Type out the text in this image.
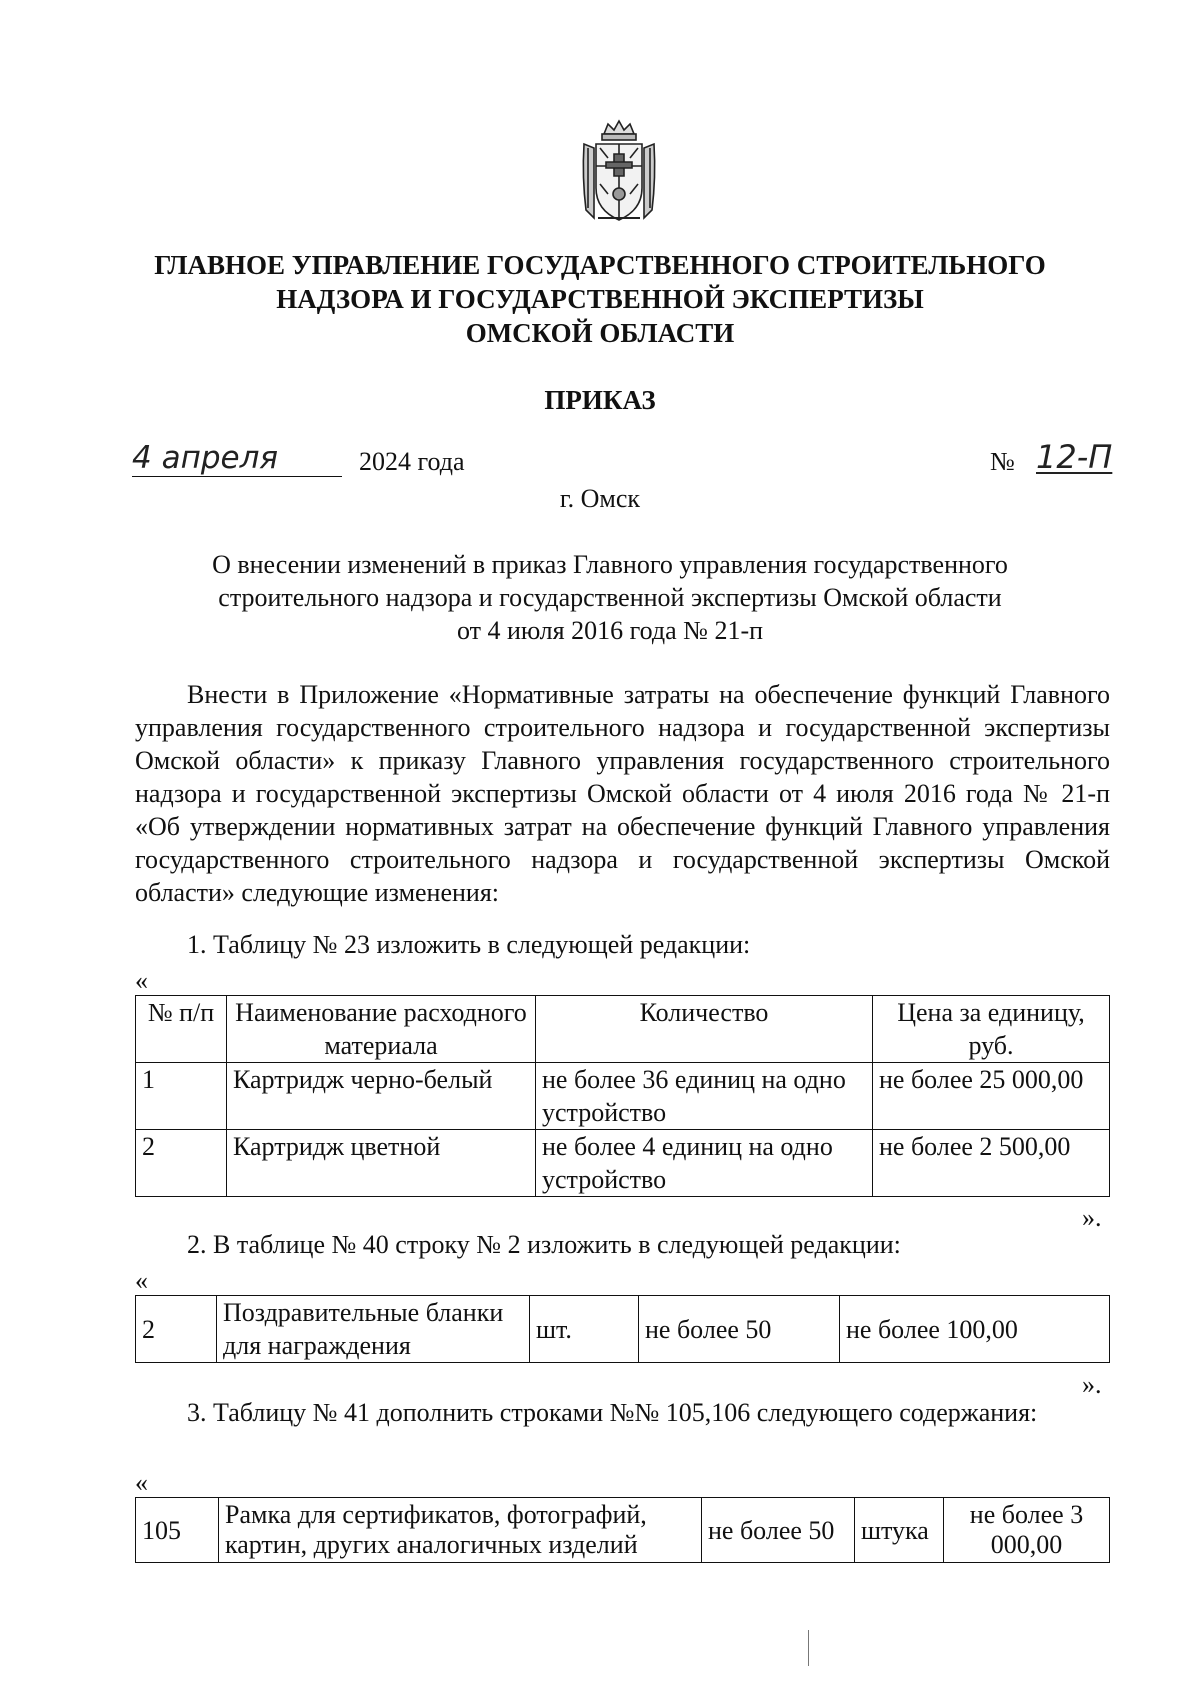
ГЛАВНОЕ УПРАВЛЕНИЕ ГОСУДАРСТВЕННОГО СТРОИТЕЛЬНОГО
НАДЗОРА И ГОСУДАРСТВЕННОЙ ЭКСПЕРТИЗЫ
ОМСКОЙ ОБЛАСТИ
ПРИКАЗ
4 апреля	2024 года	№ 12-П
г. Омск
О внесении изменений в приказ Главного управления государственного
строительного надзора и государственной экспертизы Омской области
от 4 июля 2016 года № 21-п

Внести в Приложение «Нормативные затраты на обеспечение функций Главного управления государственного строительного надзора и государственной экспертизы Омской области» к приказу Главного управления государственного строительного надзора и государственной экспертизы Омской области от 4 июля 2016 года № 21-п «Об утверждении нормативных затрат на обеспечение функций Главного управления государственного строительного надзора и государственной экспертизы Омской области» следующие изменения:

1. Таблицу № 23 изложить в следующей редакции:

«
№ п/п	Наименование расходного материала	Количество	Цена за единицу, руб.
1	Картридж черно-белый	не более 36 единиц на одно устройство	не более 25 000,00
2	Картридж цветной	не более 4 единиц на одно устройство	не более 2 500,00
».

2. В таблице № 40 строку № 2 изложить в следующей редакции:

«
2	Поздравительные бланки для награждения	шт.	не более 50	не более 100,00
».

3. Таблицу № 41 дополнить строками №№ 105,106 следующего содержания:

«
105	Рамка для сертификатов, фотографий, картин, других аналогичных изделий	не более 50	штука	не более 3 000,00
